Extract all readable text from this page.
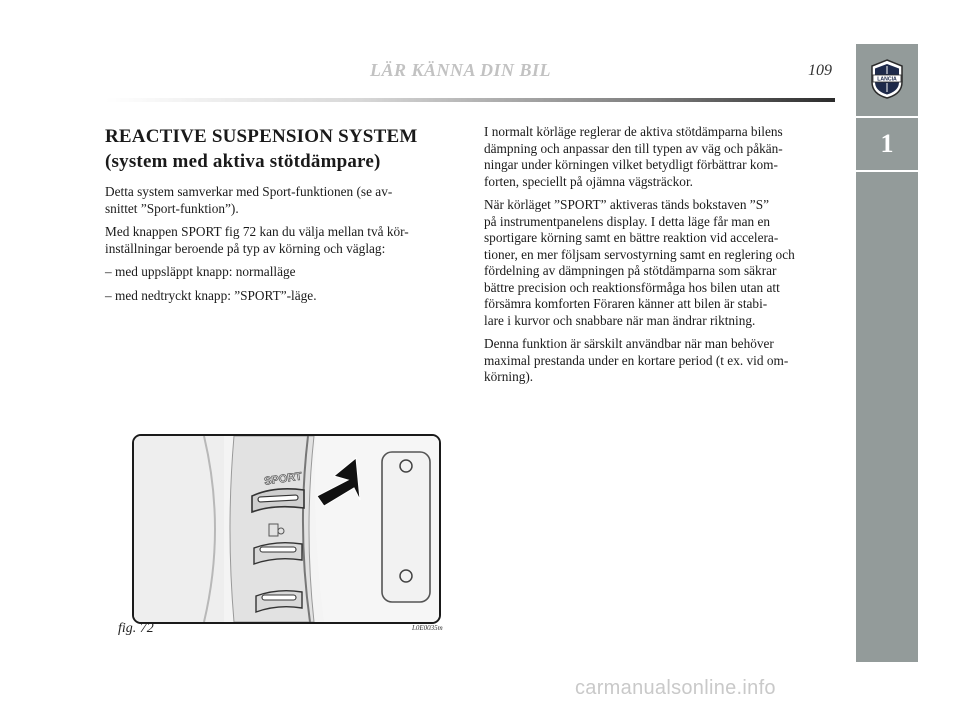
LÄR KÄNNA DIN BIL	109
LANCIA
1
REACTIVE SUSPENSION SYSTEM
(system med aktiva stötdämpare)

Detta system samverkar med Sport-funktionen (se av-
snittet ”Sport-funktion”).

Med knappen SPORT fig 72 kan du välja mellan två kör-
inställningar beroende på typ av körning och väglag:

– med uppsläppt knapp: normalläge

– med nedtryckt knapp: ”SPORT”-läge.

I normalt körläge reglerar de aktiva stötdämparna bilens
dämpning och anpassar den till typen av väg och påkän-
ningar under körningen vilket betydligt förbättrar kom-
forten, speciellt på ojämna vägsträckor.

När körläget ”SPORT” aktiveras tänds bokstaven ”S”
på instrumentpanelens display. I detta läge får man en
sportigare körning samt en bättre reaktion vid accelera-
tioner, en mer följsam servostyrning samt en reglering och
fördelning av dämpningen på stötdämparna som säkrar
bättre precision och reaktionsförmåga hos bilen utan att
försämra komforten Föraren känner att bilen är stabi-
lare i kurvor och snabbare när man ändrar riktning.

Denna funktion är särskilt användbar när man behöver
maximal prestanda under en kortare period (t ex. vid om-
körning).

SPORT
fig. 72	L0E0035m
carmanualsonline.info
